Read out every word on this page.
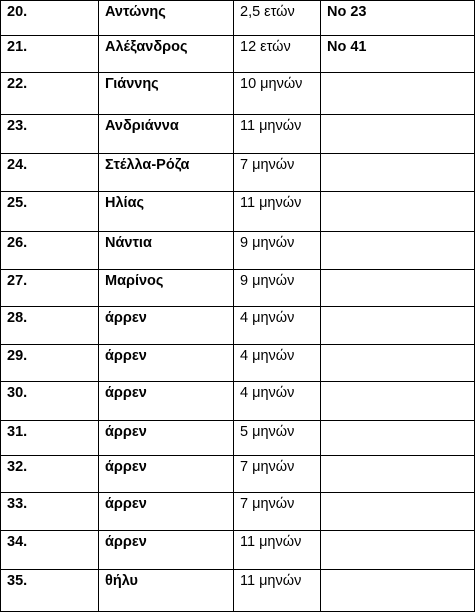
20.	Αντώνης	2,5 ετών	Νο 23
21.	Αλέξανδρος	12 ετών	Νο 41
22.	Γιάννης	10 μηνών	
23.	Ανδριάννα	11 μηνών	
24.	Στέλλα-Ρόζα	7 μηνών	
25.	Ηλίας	11 μηνών	
26.	Νάντια	9 μηνών	
27.	Μαρίνος	9 μηνών	
28.	άρρεν	4 μηνών	
29.	άρρεν	4 μηνών	
30.	άρρεν	4 μηνών	
31.	άρρεν	5 μηνών	
32.	άρρεν	7 μηνών	
33.	άρρεν	7 μηνών	
34.	άρρεν	11 μηνών	
35.	θήλυ	11 μηνών	
